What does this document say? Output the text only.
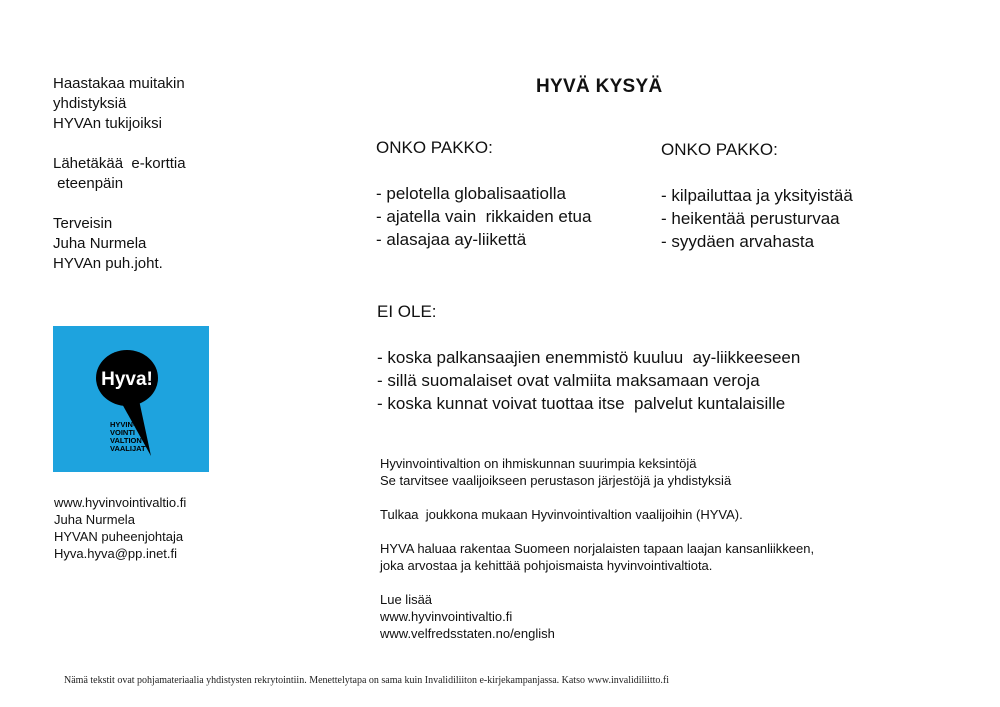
Haastakaa muitakin
yhdistyksiä
HYVAn tukijoiksi
Lähetäkää  e-korttia
eteenpäin
Terveisin
Juha Nurmela
HYVAn puh.joht.
Hyva!
HYVIN-
VOINTI
VALTION
VAALIJAT
www.hyvinvointivaltio.fi
Juha Nurmela
HYVAN puheenjohtaja
Hyva.hyva@pp.inet.fi
HYVÄ KYSYÄ
ONKO PAKKO:
- pelotella globalisaatiolla
- ajatella vain  rikkaiden etua
- alasajaa ay-liikettä
ONKO PAKKO:
- kilpailuttaa ja yksityistää
- heikentää perusturvaa
- syydäen arvahasta
EI OLE:
- koska palkansaajien enemmistö kuuluu  ay-liikkeeseen
- sillä suomalaiset ovat valmiita maksamaan veroja
- koska kunnat voivat tuottaa itse  palvelut kuntalaisille
Hyvinvointivaltion on ihmiskunnan suurimpia keksintöjä
Se tarvitsee vaalijoikseen perustason järjestöjä ja yhdistyksiä
Tulkaa  joukkona mukaan Hyvinvointivaltion vaalijoihin (HYVA).
HYVA haluaa rakentaa Suomeen norjalaisten tapaan laajan kansanliikkeen,
joka arvostaa ja kehittää pohjoismaista hyvinvointivaltiota.
Lue lisää
www.hyvinvointivaltio.fi
www.velfredsstaten.no/english
Nämä tekstit ovat pohjamateriaalia yhdistysten rekrytointiin. Menettelytapa on sama kuin Invalidiliiton e-kirjekampanjassa. Katso www.invalidiliitto.fi
